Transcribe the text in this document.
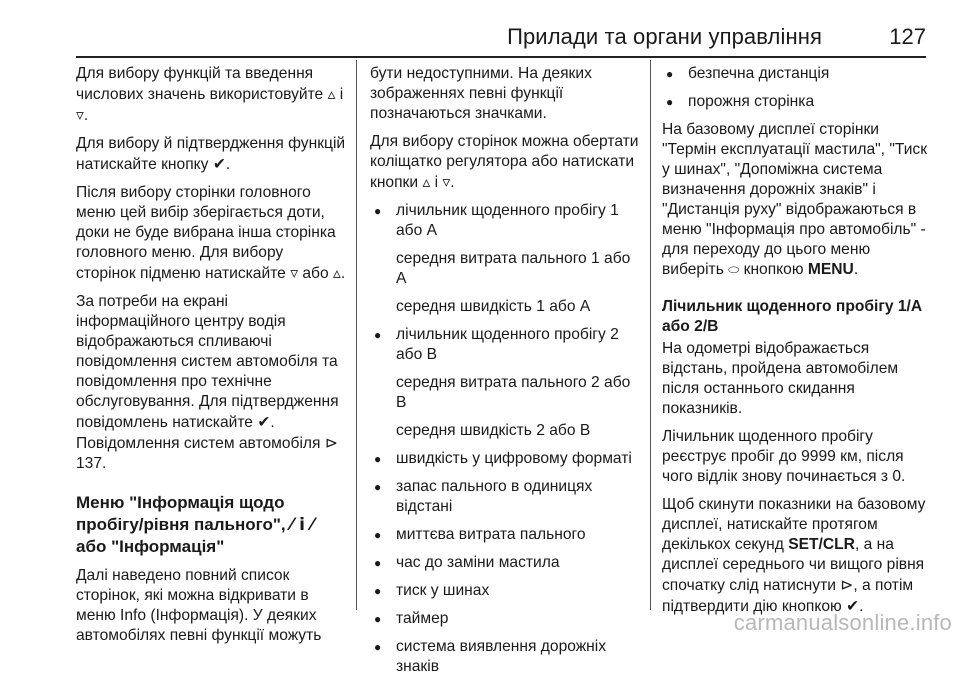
Прилади та органи управління	127

Для вибору функцій та введення числових значень використовуйте ▵ і ▿.

Для вибору й підтвердження функцій натискайте кнопку ✔.

Після вибору сторінки головного меню цей вибір зберігається доти, доки не буде вибрана інша сторінка головного меню. Для вибору сторінок підменю натискайте ▿ або ▵.

За потреби на екрані інформаційного центру водія відображаються спливаючі повідомлення систем автомобіля та повідомлення про технічне обслуговування. Для підтвердження повідомлень натискайте ✔. Повідомлення систем автомобіля ⊳ 137.

Меню "Інформація щодо пробігу/рівня пального", ⁄ i ⁄
або "Інформація"

Далі наведено повний список сторінок, які можна відкривати в меню Info (Інформація). У деяких автомобілях певні функції можуть

бути недоступними. На деяких зображеннях певні функції позначаються значками.

Для вибору сторінок можна обертати коліщатко регулятора або натискати кнопки ▵ і ▿.

● лічильник щоденного пробігу 1 або А
середня витрата пального 1 або А
середня швидкість 1 або А
● лічильник щоденного пробігу 2 або В
середня витрата пального 2 або В
середня швидкість 2 або В
● швидкість у цифровому форматі
● запас пального в одиницях відстані
● миттєва витрата пального
● час до заміни мастила
● тиск у шинах
● таймер
● система виявлення дорожніх знаків
● безпечна дистанція
● порожня сторінка

На базовому дисплеї сторінки "Термін експлуатації мастила", "Тиск у шинах", "Допоміжна система визначення дорожніх знаків" і "Дистанція руху" відображаються в меню "Інформація про автомобіль" - для переходу до цього меню виберіть ⬭ кнопкою MENU.

Лічильник щоденного пробігу 1/A або 2/B

На одометрі відображається відстань, пройдена автомобілем після останнього скидання показників.

Лічильник щоденного пробігу реєструє пробіг до 9999 км, після чого відлік знову починається з 0.

Щоб скинути показники на базовому дисплеї, натискайте протягом декількох секунд SET/CLR, а на дисплеї середнього чи вищого рівня спочатку слід натиснути ⊳, а потім підтвердити дію кнопкою ✔.

carmanualsonline.info
